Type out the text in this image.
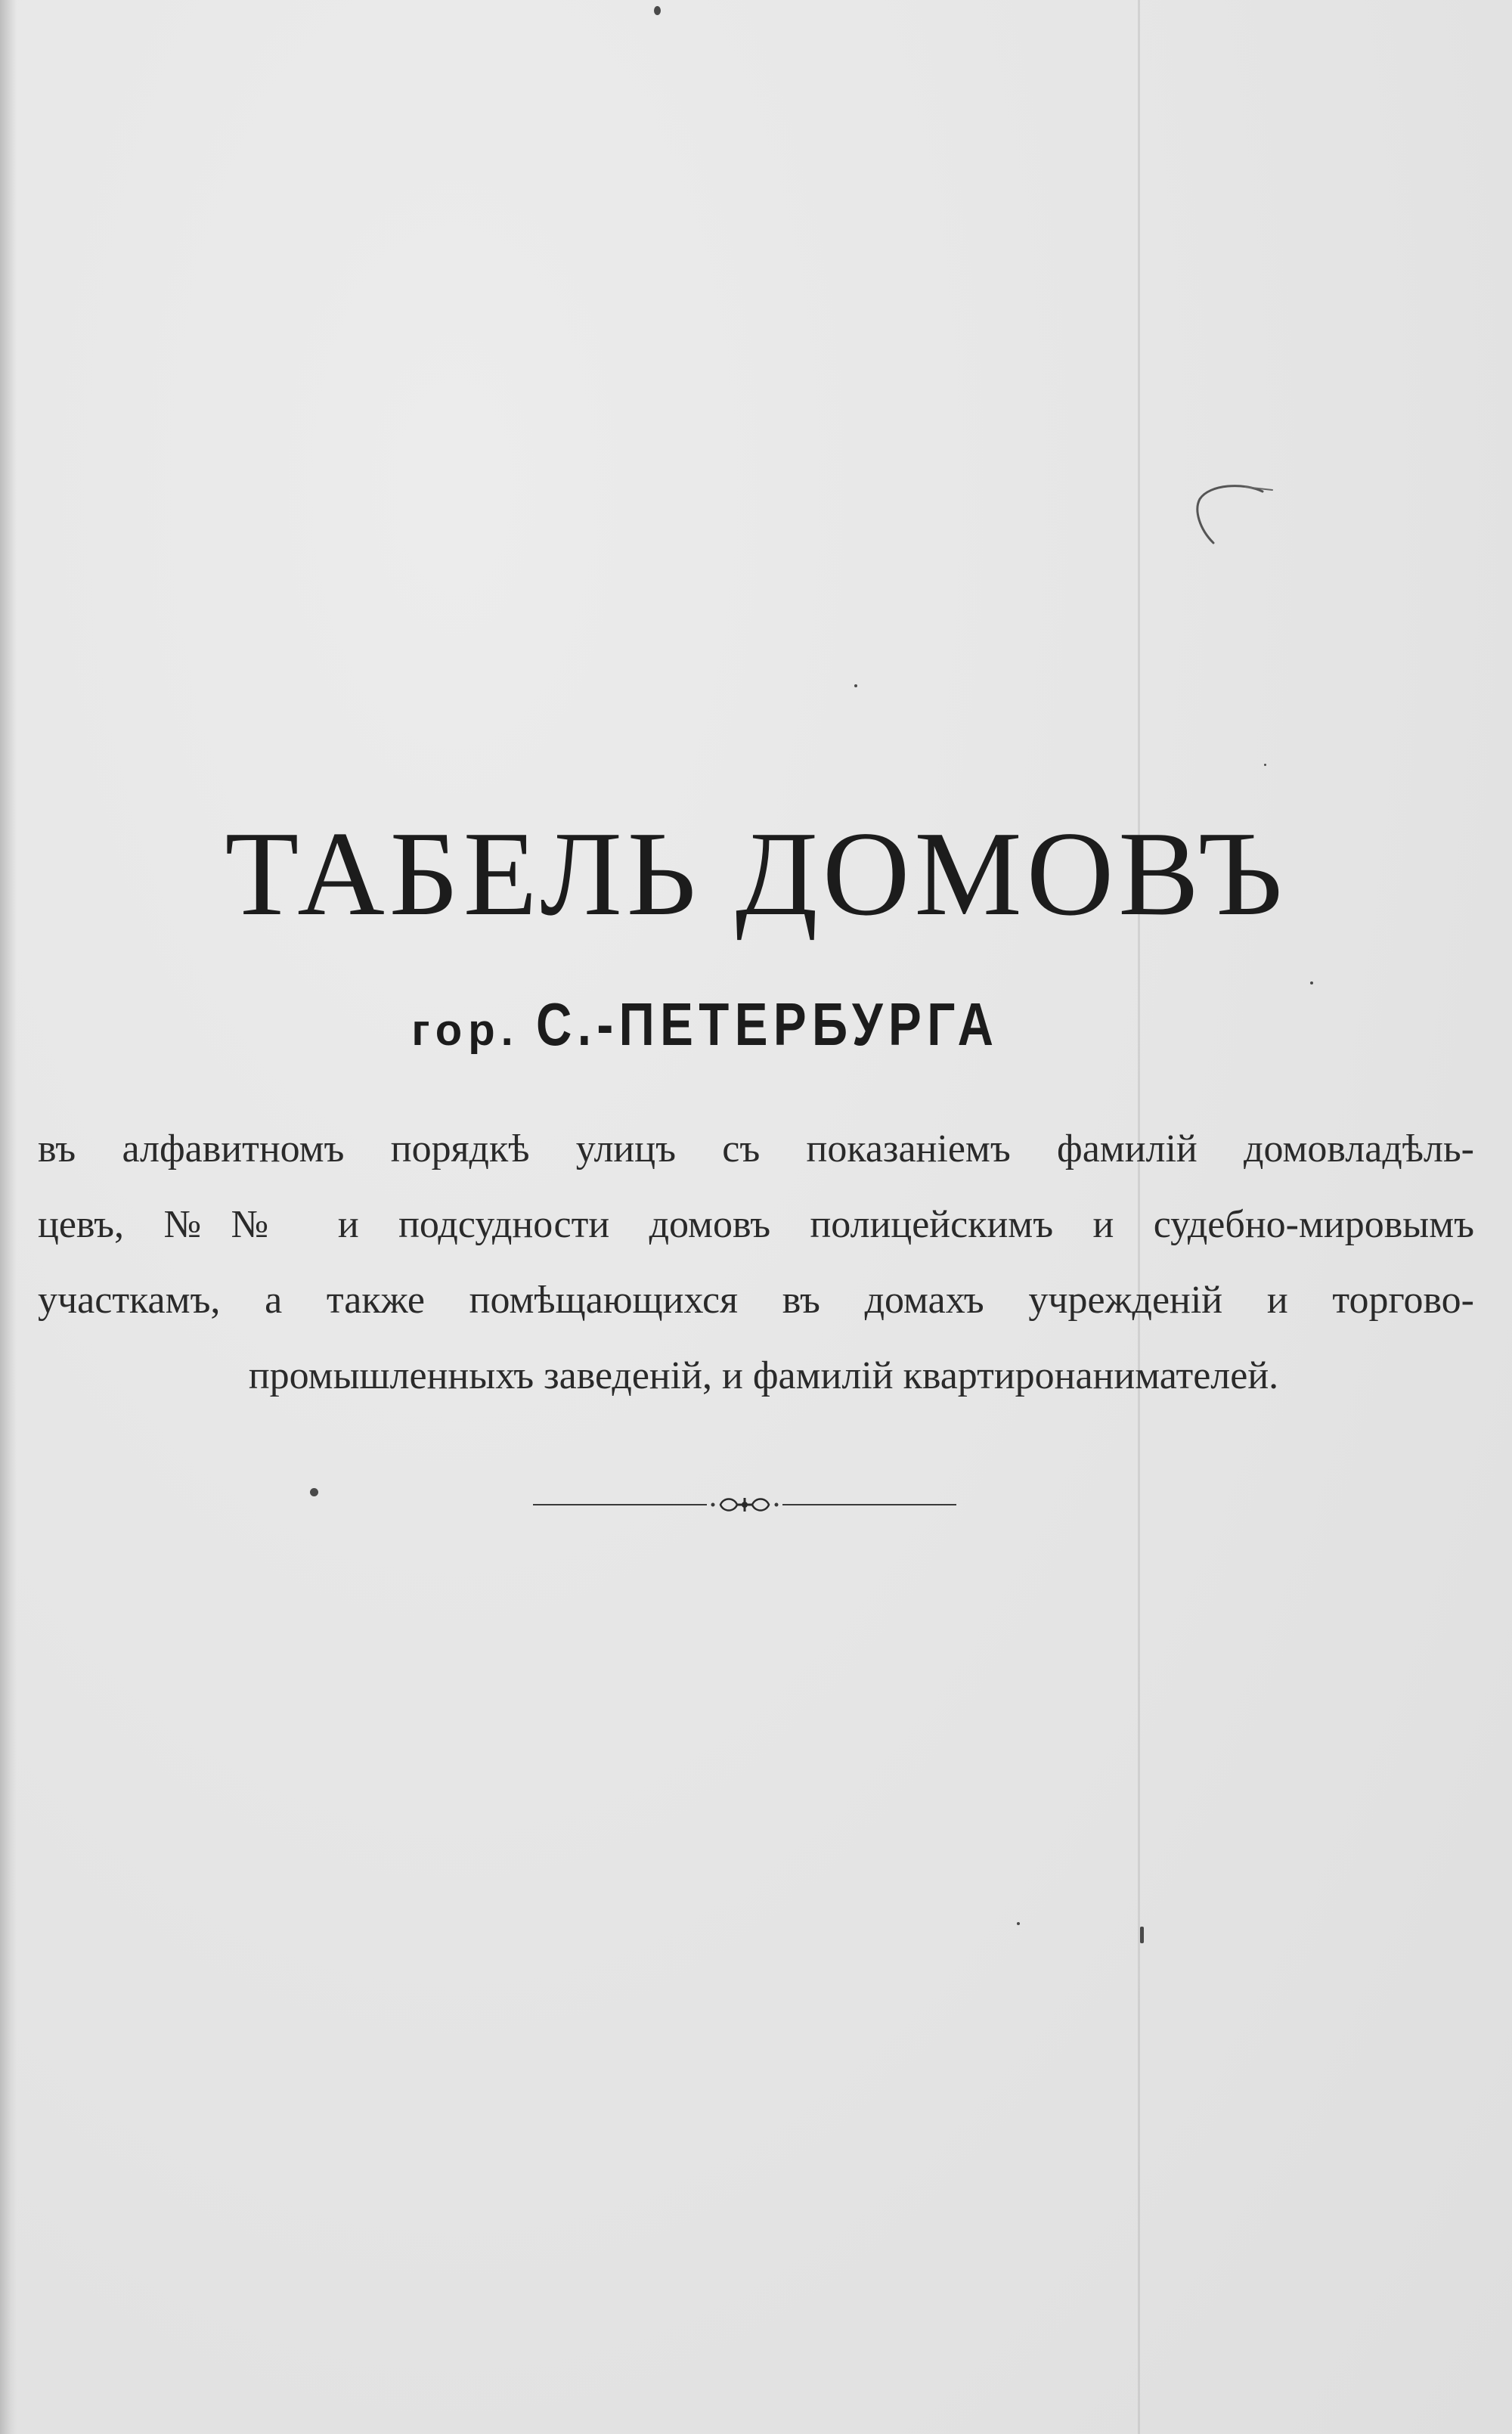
ТАБЕЛЬ ДОМОВЪ
гор. С.-ПЕТЕРБУРГА
въ алфавитномъ порядкѣ улицъ съ показаніемъ фамилій домовладѣль-
цевъ, №№ и подсудности домовъ полицейскимъ и судебно-мировымъ
участкамъ, а также помѣщающихся въ домахъ учрежденій и торгово-
промышленныхъ заведеній, и фамилій квартиронанимателей.
